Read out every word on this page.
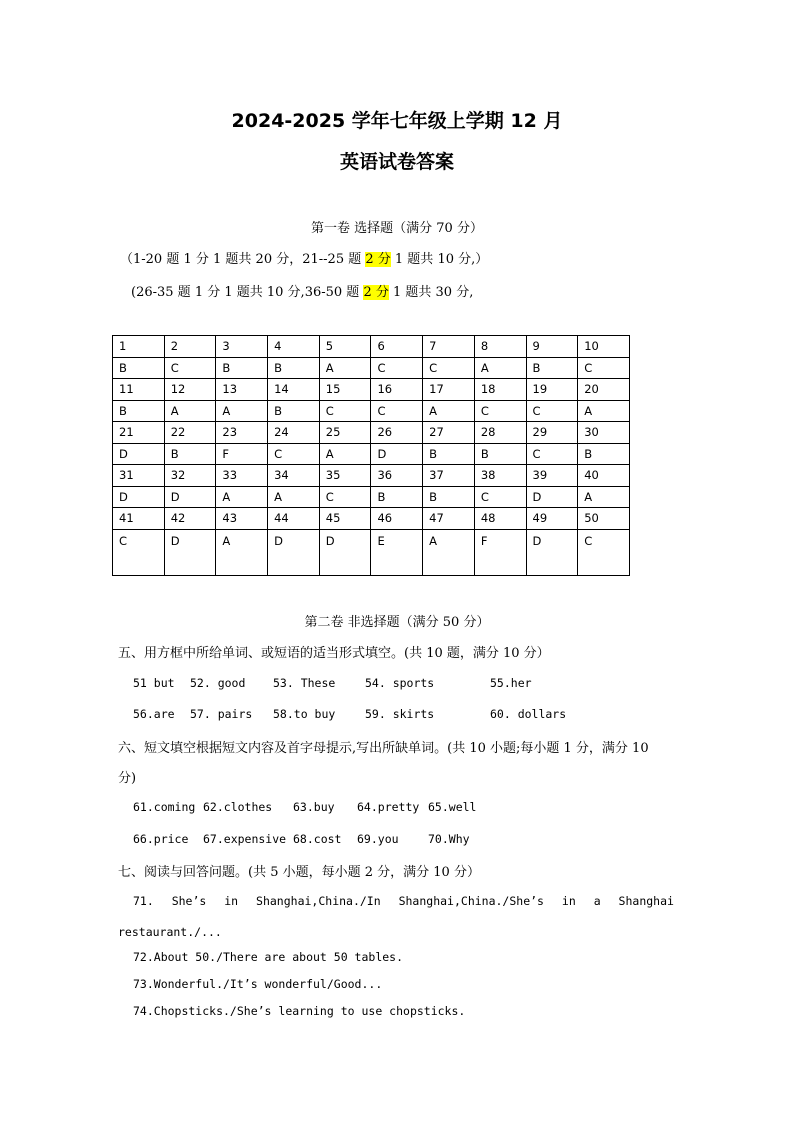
2024-2025 学年七年级上学期 12 月
英语试卷答案
第一卷 选择题（满分 70 分）
（1-20 题 1 分 1 题共 20 分，21--25 题 2 分 1 题共 10 分,）
(26-35 题 1 分 1 题共 10 分,36-50 题 2 分 1 题共 30 分,
1	2	3	4	5	6	7	8	9	10
B	C	B	B	A	C	C	A	B	C
11	12	13	14	15	16	17	18	19	20
B	A	A	B	C	C	A	C	C	A
21	22	23	24	25	26	27	28	29	30
D	B	F	C	A	D	B	B	C	B
31	32	33	34	35	36	37	38	39	40
D	D	A	A	C	B	B	C	D	A
41	42	43	44	45	46	47	48	49	50
C	D	A	D	D	E	A	F	D	C
第二卷 非选择题（满分 50 分）
五、用方框中所给单词、或短语的适当形式填空。(共 10 题，满分 10 分）
51 but 52. good 53. These	54. sports	55.her
56.are 57. pairs 58.to buy	59. skirts	60. dollars
六、短文填空根据短文内容及首字母提示,写出所缺单词。(共 10 小题;每小题 1 分，满分 10
分)
61.coming 62.clothes 63.buy 64.pretty 65.well
66.price 67.expensive 68.cost 69.you	70.Why
七、阅读与回答问题。(共 5 小题，每小题 2 分，满分 10 分）
71. She’s in Shanghai,China./In Shanghai,China./She’s in a Shanghai
restaurant./...
72.About 50./There are about 50 tables.
73.Wonderful./It’s wonderful/Good...
74.Chopsticks./She’s learning to use chopsticks.
